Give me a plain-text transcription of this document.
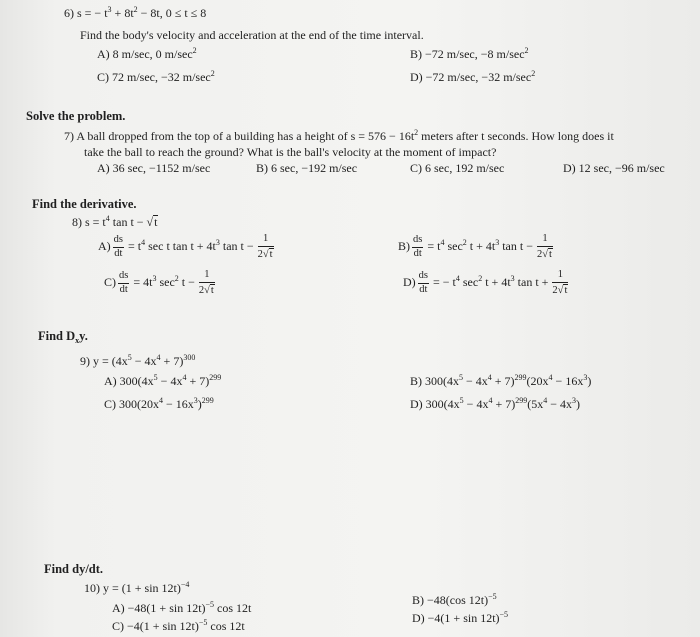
6) s = − $t^3 + 8t^2 - 8t$, 0 ≤ t ≤ 8
Find the body's velocity and acceleration at the end of the time interval.
A) 8 m/sec, 0 $m/\sec^2$	B) −72 m/sec, −8 $m/\sec^2$
C) 72 m/sec, −32 $m/\sec^2$	D) −72 m/sec, −32 $m/\sec^2$
Solve the problem.
7) A ball dropped from the top of a building has a height of $s = 576 - 16t^2$ meters after t seconds. How long does it
take the ball to reach the ground? What is the ball's velocity at the moment of impact?
A) 36 sec, −1152 m/sec	B) 6 sec, −192 m/sec	C) 6 sec, 192 m/sec	D) 12 sec, −96 m/sec
Find the derivative.
8) $s = t^4$ tan t − √t
$A) \frac{ds}{dt} = t^4$ sec t $\tan t + 4t^3$ $\tan t - \frac{1}{2√t}$	$B) \frac{ds}{dt} = t^4$ $\sec^2 t + 4t^3$ $\tan t - \frac{1}{2√t}$
$C) \frac{ds}{dt} = 4t^3$ $\sec^2 t - \frac{1}{2√t}$	$D) \frac{ds}{dt}$ = − $t^4$ $\sec^2 t + 4t^3$ $\tan t + \frac{1}{2√t}$
Find $D_xy$.
9) $y = (4x^5 - 4x^4 + 7)^{300}$
A) $300(4x^5 - 4x^4 + 7)^{299}$	B) $300(4x^5 - 4x^4 + 7)^{299}(20x^4 - 16x^3)$
C) $300(20x^4 - 16x^3)^{299}$	D) $300(4x^5 - 4x^4 + 7)^{299}(5x^4 - 4x^3)$
Find dy/dt.
10) $y = (1 + \sin 12t)^{-4}$
$A) -48(1 + \sin 12t)^{-5}$ cos 12t
B) −48(cos 12t)$^{-5}$
$C) -4(1 + \sin 12t)^{-5}$ cos 12t
$D) -4(1 + \sin 12t)^{-5}$
